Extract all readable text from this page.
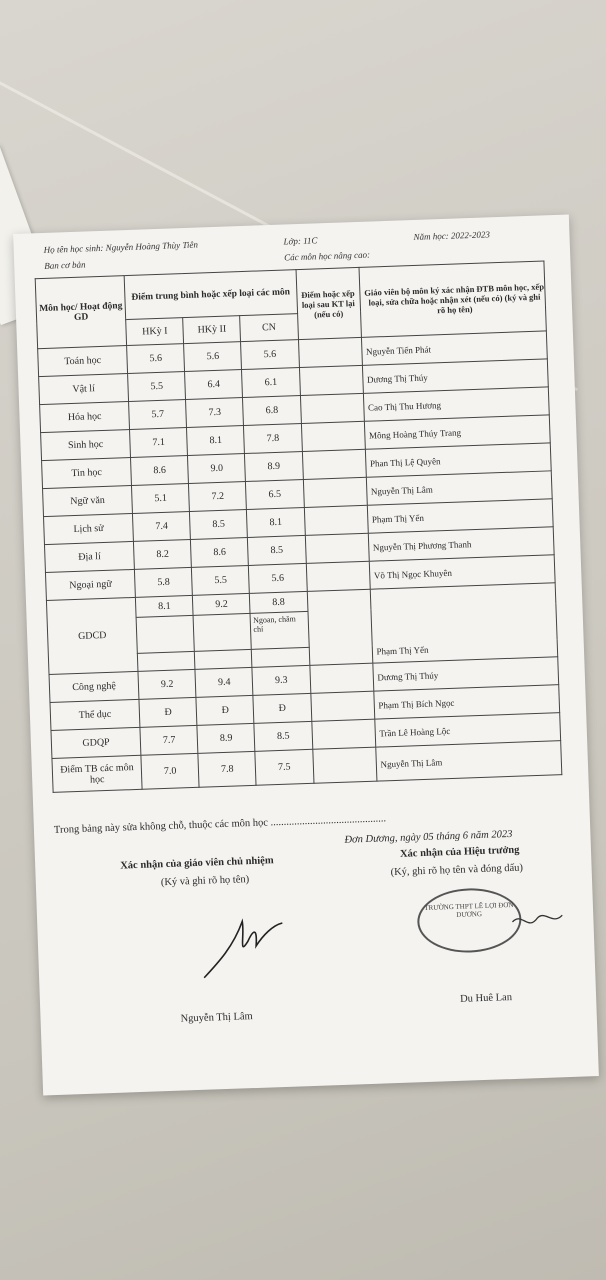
Họ tên học sinh: Nguyễn Hoàng Thùy Tiên	Lớp: 11C	Năm học: 2022-2023
Ban cơ bản
Các môn học nâng cao:
Môn học/ Hoạt động GD	Điểm trung bình hoặc xếp loại các môn			Điểm hoặc xếp loại sau KT lại (nếu có)	Giáo viên bộ môn ký xác nhận ĐTB môn học, xếp loại, sửa chữa hoặc nhận xét (nếu có) (ký và ghi rõ họ tên)
	HKỳ I	HKỳ II	CN		
Toán học	5.6	5.6	5.6		Nguyễn Tiến Phát
Vật lí	5.5	6.4	6.1		Dương Thị Thúy
Hóa học	5.7	7.3	6.8		Cao Thị Thu Hương
Sinh học	7.1	8.1	7.8		Mông Hoàng Thúy Trang
Tin học	8.6	9.0	8.9		Phan Thị Lệ Quyên
Ngữ văn	5.1	7.2	6.5		Nguyễn Thị Lâm
Lịch sử	7.4	8.5	8.1		Phạm Thị Yến
Địa lí	8.2	8.6	8.5		Nguyễn Thị Phương Thanh
Ngoại ngữ	5.8	5.5	5.6		Võ Thị Ngọc Khuyên
GDCD	8.1	9.2	8.8		Phạm Thị Yến
			Ngoan, chăm chỉ		

Công nghệ	9.2	9.4	9.3		Dương Thị Thúy
Thể dục	Đ	Đ	Đ		Phạm Thị Bích Ngọc
GDQP	7.7	8.9	8.5		Trần Lê Hoàng Lộc
Điểm TB các môn học	7.0	7.8	7.5		Nguyễn Thị Lâm
Trong bảng này sửa không chỗ, thuộc các môn học ............................................
Đơn Dương, ngày 05 tháng 6 năm 2023
Xác nhận của giáo viên chủ nhiệm
(Ký và ghi rõ họ tên)
Xác nhận của Hiệu trưởng
(Ký, ghi rõ họ tên và đóng dấu)
TRƯỜNG THPT LÊ LỢI ĐƠN DƯƠNG
Nguyễn Thị Lâm
Du Huê Lan
